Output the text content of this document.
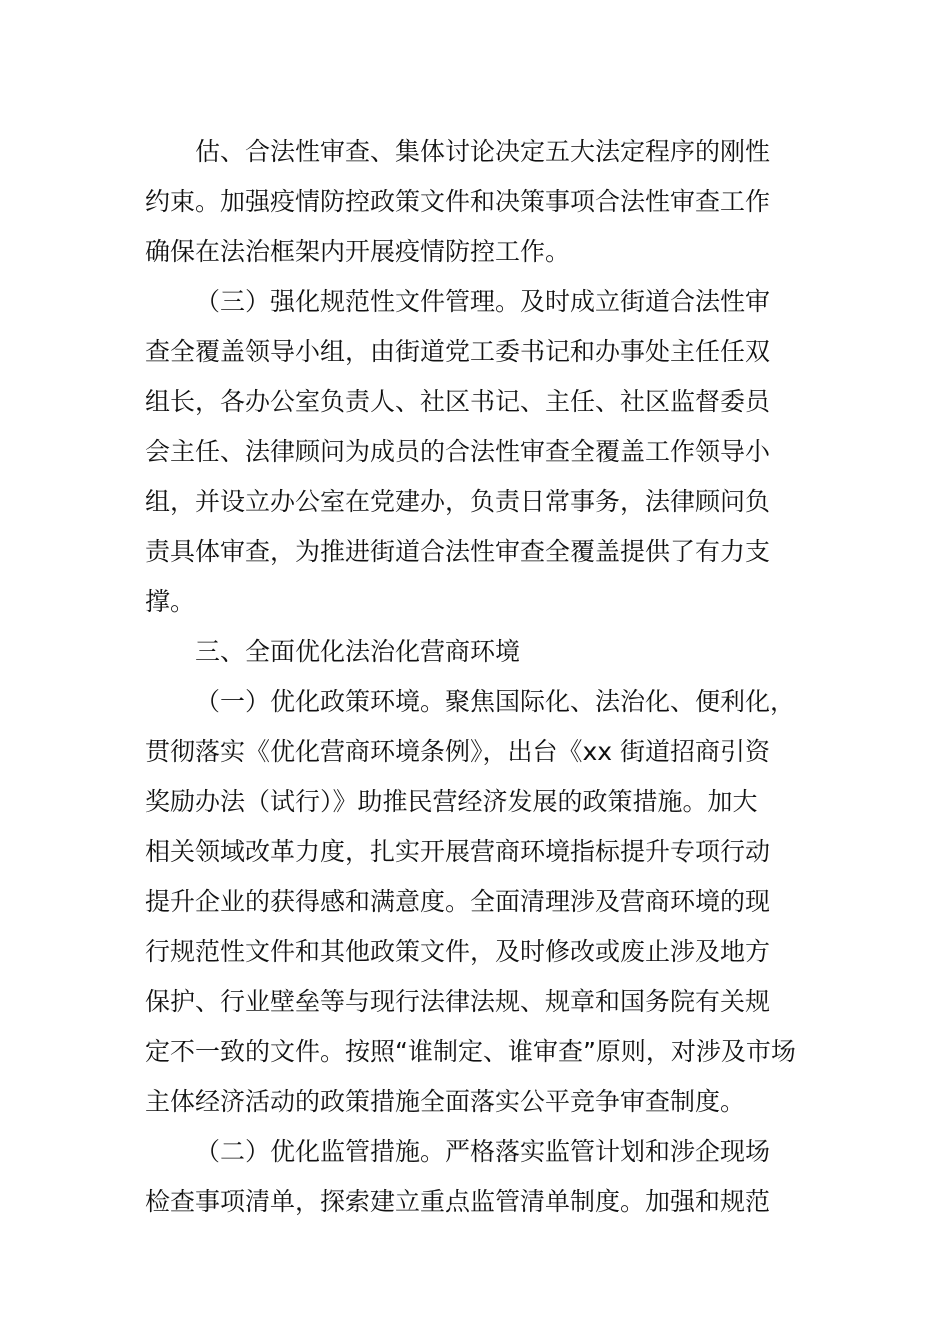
估、合法性审查、集体讨论决定五大法定程序的刚性
约束。加强疫情防控政策文件和决策事项合法性审查工作
确保在法治框架内开展疫情防控工作。
（三）强化规范性文件管理。及时成立街道合法性审
查全覆盖领导小组，由街道党工委书记和办事处主任任双
组长，各办公室负责人、社区书记、主任、社区监督委员
会主任、法律顾问为成员的合法性审查全覆盖工作领导小
组，并设立办公室在党建办，负责日常事务，法律顾问负
责具体审查，为推进街道合法性审查全覆盖提供了有力支
撑。
三、全面优化法治化营商环境
（一）优化政策环境。聚焦国际化、法治化、便利化，
贯彻落实《优化营商环境条例》，出台《xx 街道招商引资
奖励办法（试行）》助推民营经济发展的政策措施。加大
相关领域改革力度，扎实开展营商环境指标提升专项行动
提升企业的获得感和满意度。全面清理涉及营商环境的现
行规范性文件和其他政策文件，及时修改或废止涉及地方
保护、行业壁垒等与现行法律法规、规章和国务院有关规
定不一致的文件。按照“谁制定、谁审查”原则，对涉及市场
主体经济活动的政策措施全面落实公平竞争审查制度。
（二）优化监管措施。严格落实监管计划和涉企现场
检查事项清单，探索建立重点监管清单制度。加强和规范
